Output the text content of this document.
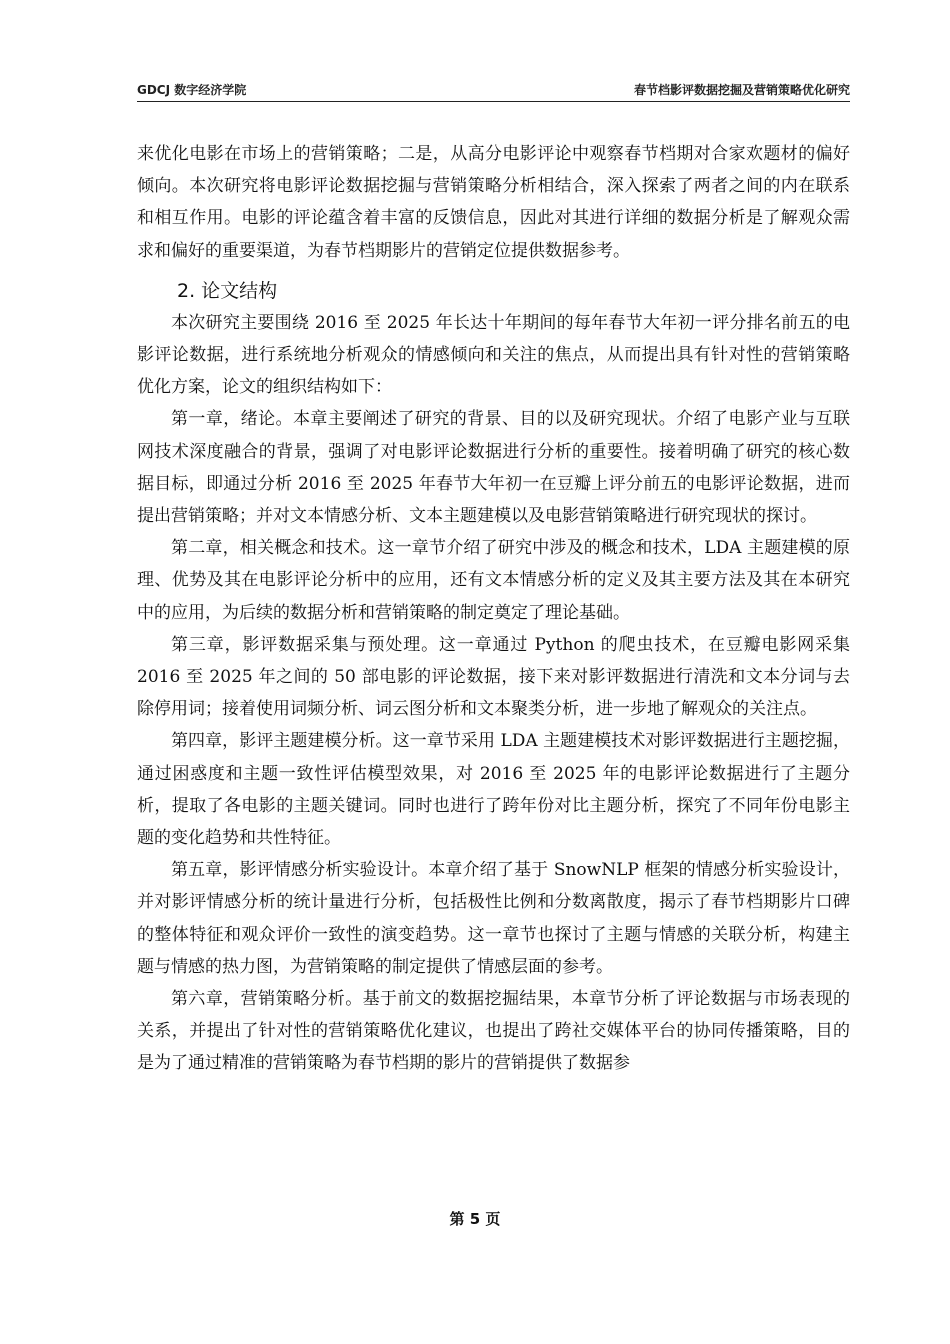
GDCJ 数字经济学院	春节档影评数据挖掘及营销策略优化研究

来优化电影在市场上的营销策略；二是，从高分电影评论中观察春节档期对合家欢题材的偏好倾向。本次研究将电影评论数据挖掘与营销策略分析相结合，深入探索了两者之间的内在联系和相互作用。电影的评论蕴含着丰富的反馈信息，因此对其进行详细的数据分析是了解观众需求和偏好的重要渠道，为春节档期影片的营销定位提供数据参考。

2. 论文结构

本次研究主要围绕 2016 至 2025 年长达十年期间的每年春节大年初一评分排名前五的电影评论数据，进行系统地分析观众的情感倾向和关注的焦点，从而提出具有针对性的营销策略优化方案，论文的组织结构如下：

第一章，绪论。本章主要阐述了研究的背景、目的以及研究现状。介绍了电影产业与互联网技术深度融合的背景，强调了对电影评论数据进行分析的重要性。接着明确了研究的核心数据目标，即通过分析 2016 至 2025 年春节大年初一在豆瓣上评分前五的电影评论数据，进而提出营销策略；并对文本情感分析、文本主题建模以及电影营销策略进行研究现状的探讨。

第二章，相关概念和技术。这一章节介绍了研究中涉及的概念和技术，LDA 主题建模的原理、优势及其在电影评论分析中的应用，还有文本情感分析的定义及其主要方法及其在本研究中的应用，为后续的数据分析和营销策略的制定奠定了理论基础。

第三章，影评数据采集与预处理。这一章通过 Python 的爬虫技术，在豆瓣电影网采集 2016 至 2025 年之间的 50 部电影的评论数据，接下来对影评数据进行清洗和文本分词与去除停用词；接着使用词频分析、词云图分析和文本聚类分析，进一步地了解观众的关注点。

第四章，影评主题建模分析。这一章节采用 LDA 主题建模技术对影评数据进行主题挖掘，通过困惑度和主题一致性评估模型效果，对 2016 至 2025 年的电影评论数据进行了主题分析，提取了各电影的主题关键词。同时也进行了跨年份对比主题分析，探究了不同年份电影主题的变化趋势和共性特征。

第五章，影评情感分析实验设计。本章介绍了基于 SnowNLP 框架的情感分析实验设计，并对影评情感分析的统计量进行分析，包括极性比例和分数离散度，揭示了春节档期影片口碑的整体特征和观众评价一致性的演变趋势。这一章节也探讨了主题与情感的关联分析，构建主题与情感的热力图，为营销策略的制定提供了情感层面的参考。

第六章，营销策略分析。基于前文的数据挖掘结果，本章节分析了评论数据与市场表现的关系，并提出了针对性的营销策略优化建议，也提出了跨社交媒体平台的协同传播策略，目的是为了通过精准的营销策略为春节档期的影片的营销提供了数据参

第 5 页
